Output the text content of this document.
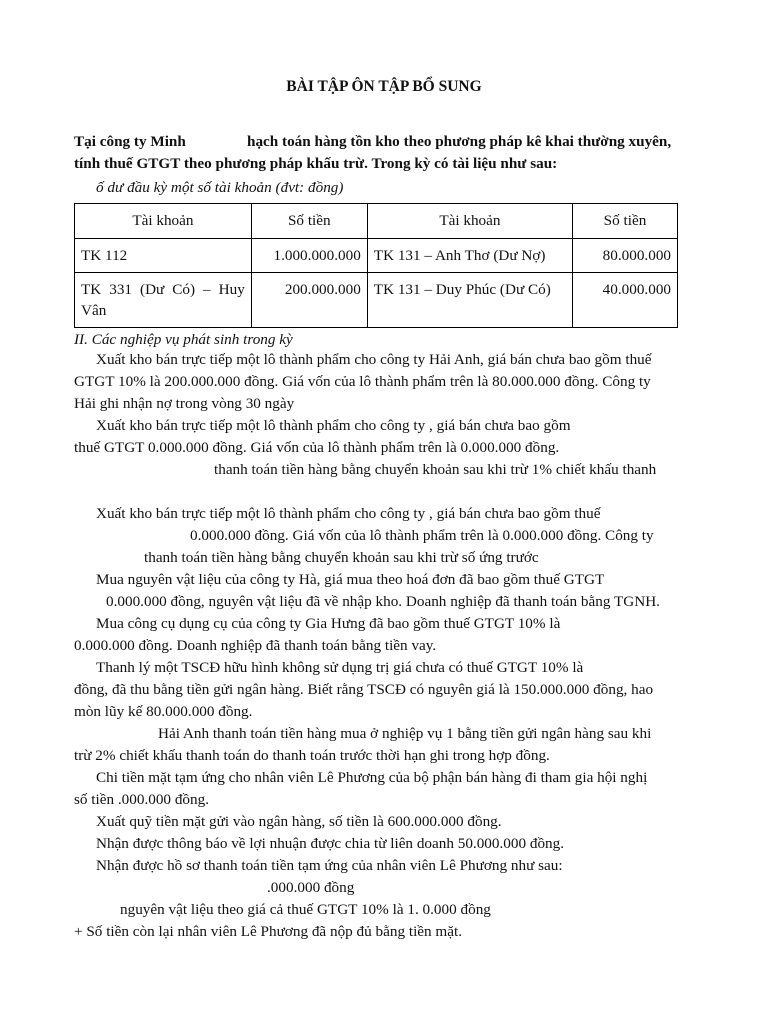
BÀI TẬP ÔN TẬP BỔ SUNG
Tại công ty Minh	hạch toán hàng tồn kho theo phương pháp kê khai thường xuyên,
tính thuế GTGT theo phương pháp khấu trừ. Trong kỳ có tài liệu như sau:
ố dư đầu kỳ một số tài khoản (đvt: đồng)
Tài khoản	Số tiền	Tài khoản	Số tiền
TK 112	1.000.000.000	TK 131 – Anh Thơ (Dư Nợ)	80.000.000
TK 331 (Dư Có) – Huy Vân	200.000.000	TK 131 – Duy Phúc (Dư Có)	40.000.000
II. Các nghiệp vụ phát sinh trong kỳ
Xuất kho bán trực tiếp một lô thành phẩm cho công ty Hải Anh, giá bán chưa bao gồm thuế
GTGT 10% là 200.000.000 đồng. Giá vốn của lô thành phẩm trên là 80.000.000 đồng. Công ty
Hải ghi nhận nợ trong vòng 30 ngày
Xuất kho bán trực tiếp một lô thành phẩm cho công ty , giá bán chưa bao gồm
thuế GTGT 0.000.000 đồng. Giá vốn của lô thành phẩm trên là 0.000.000 đồng.
thanh toán tiền hàng bằng chuyển khoản sau khi trừ 1% chiết khấu thanh
Xuất kho bán trực tiếp một lô thành phẩm cho công ty , giá bán chưa bao gồm thuế
0.000.000 đồng. Giá vốn của lô thành phẩm trên là 0.000.000 đồng. Công ty
thanh toán tiền hàng bằng chuyển khoản sau khi trừ số ứng trước
Mua nguyên vật liệu của công ty Hà, giá mua theo hoá đơn đã bao gồm thuế GTGT
0.000.000 đồng, nguyên vật liệu đã về nhập kho. Doanh nghiệp đã thanh toán bằng TGNH.
Mua công cụ dụng cụ của công ty Gia Hưng đã bao gồm thuế GTGT 10% là
0.000.000 đồng. Doanh nghiệp đã thanh toán bằng tiền vay.
Thanh lý một TSCĐ hữu hình không sử dụng trị giá chưa có thuế GTGT 10% là
đồng, đã thu bằng tiền gửi ngân hàng. Biết rằng TSCĐ có nguyên giá là 150.000.000 đồng, hao
mòn lũy kế 80.000.000 đồng.
Hải Anh thanh toán tiền hàng mua ở nghiệp vụ 1 bằng tiền gửi ngân hàng sau khi
trừ 2% chiết khấu thanh toán do thanh toán trước thời hạn ghi trong hợp đồng.
Chi tiền mặt tạm ứng cho nhân viên Lê Phương của bộ phận bán hàng đi tham gia hội nghị
số tiền .000.000 đồng.
Xuất quỹ tiền mặt gửi vào ngân hàng, số tiền là 600.000.000 đồng.
Nhận được thông báo về lợi nhuận được chia từ liên doanh 50.000.000 đồng.
Nhận được hồ sơ thanh toán tiền tạm ứng của nhân viên Lê Phương như sau:
.000.000 đồng
nguyên vật liệu theo giá cả thuế GTGT 10% là 1. 0.000 đồng
+ Số tiền còn lại nhân viên Lê Phương đã nộp đủ bằng tiền mặt.
